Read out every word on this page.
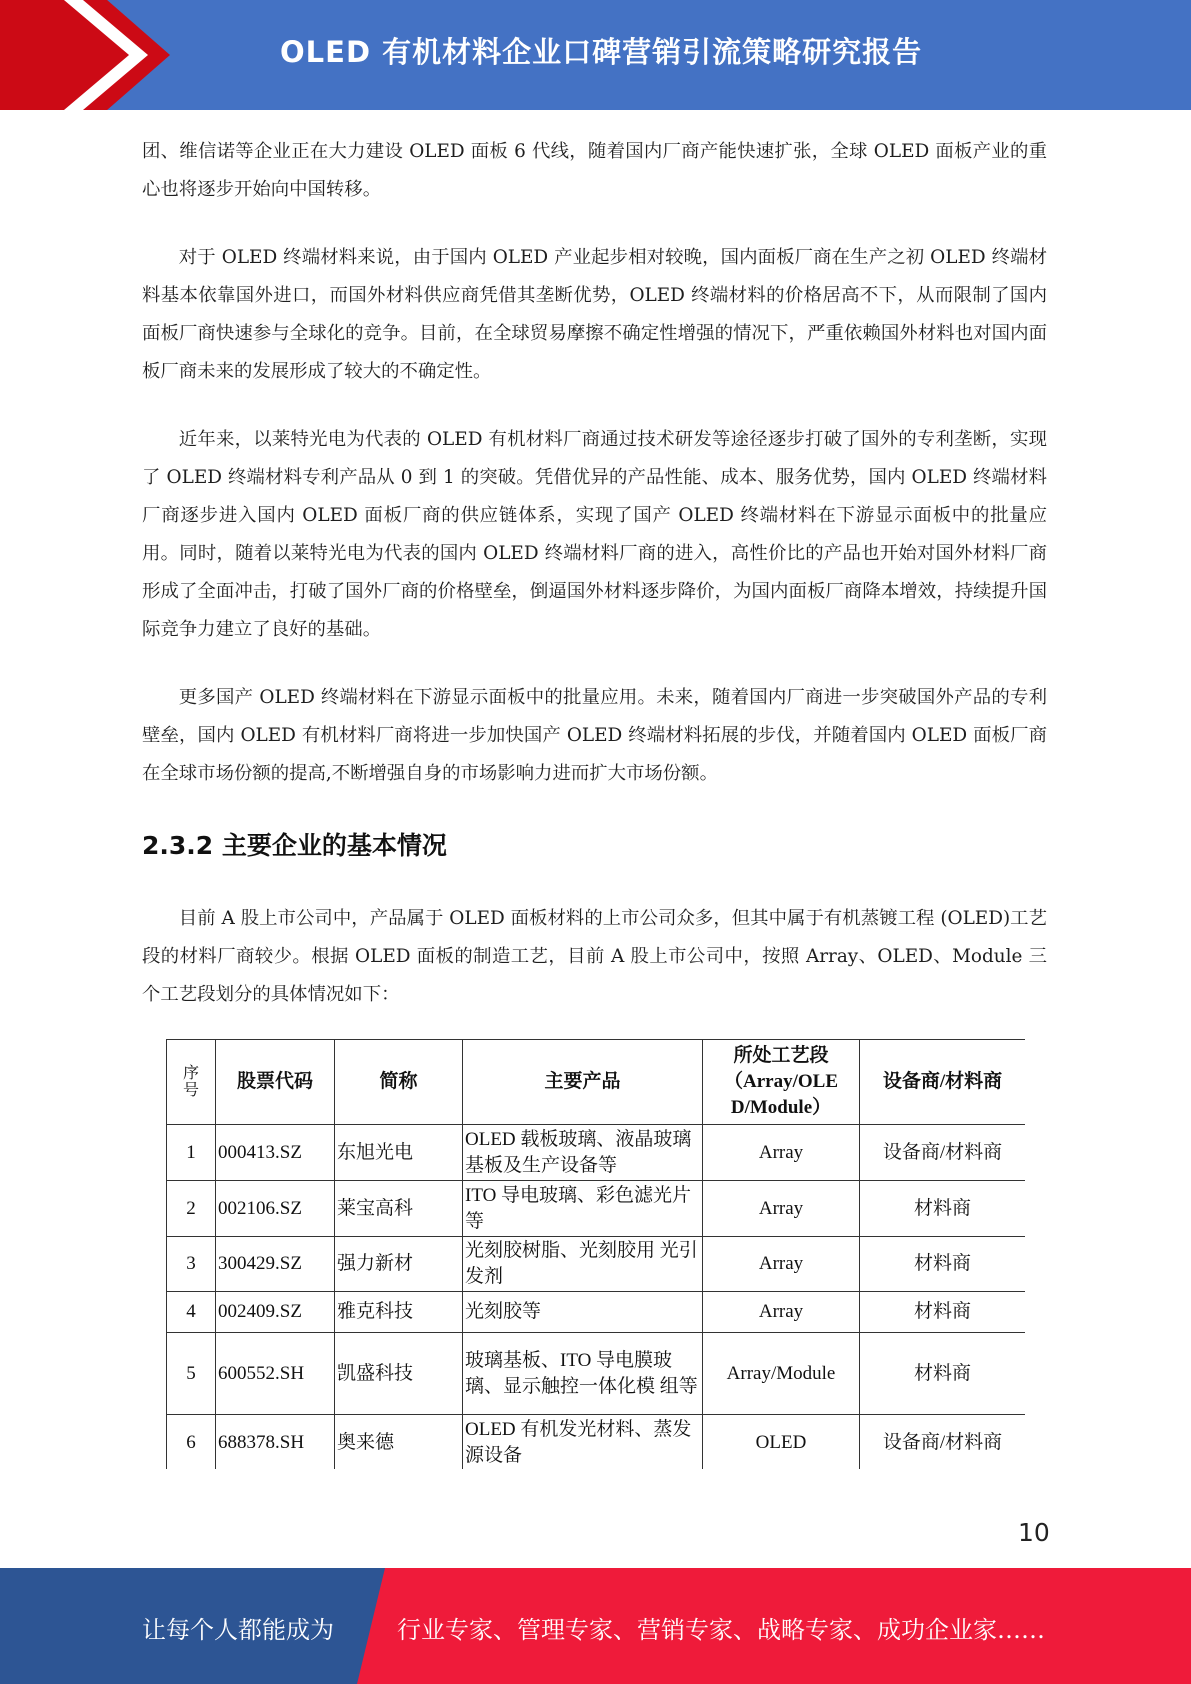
OLED 有机材料企业口碑营销引流策略研究报告

团、维信诺等企业正在大力建设 OLED 面板 6 代线，随着国内厂商产能快速扩张，全球 OLED 面板产业的重心也将逐步开始向中国转移。

对于 OLED 终端材料来说，由于国内 OLED 产业起步相对较晚，国内面板厂商在生产之初 OLED 终端材料基本依靠国外进口，而国外材料供应商凭借其垄断优势，OLED 终端材料的价格居高不下，从而限制了国内面板厂商快速参与全球化的竞争。目前，在全球贸易摩擦不确定性增强的情况下，严重依赖国外材料也对国内面板厂商未来的发展形成了较大的不确定性。

近年来，以莱特光电为代表的 OLED 有机材料厂商通过技术研发等途径逐步打破了国外的专利垄断，实现了 OLED 终端材料专利产品从 0 到 1 的突破。凭借优异的产品性能、成本、服务优势，国内 OLED 终端材料厂商逐步进入国内 OLED 面板厂商的供应链体系，实现了国产 OLED 终端材料在下游显示面板中的批量应用。同时，随着以莱特光电为代表的国内 OLED 终端材料厂商的进入，高性价比的产品也开始对国外材料厂商形成了全面冲击，打破了国外厂商的价格壁垒，倒逼国外材料逐步降价，为国内面板厂商降本增效，持续提升国际竞争力建立了良好的基础。

更多国产 OLED 终端材料在下游显示面板中的批量应用。未来，随着国内厂商进一步突破国外产品的专利壁垒，国内 OLED 有机材料厂商将进一步加快国产 OLED 终端材料拓展的步伐，并随着国内 OLED 面板厂商在全球市场份额的提高,不断增强自身的市场影响力进而扩大市场份额。

2.3.2 主要企业的基本情况

目前 A 股上市公司中，产品属于 OLED 面板材料的上市公司众多，但其中属于有机蒸镀工程 (OLED)工艺段的材料厂商较少。根据 OLED 面板的制造工艺，目前 A 股上市公司中，按照 Array、OLED、Module 三个工艺段划分的具体情况如下：

序号	股票代码	简称	主要产品	所处工艺段（Array/OLED/Module）	设备商/材料商
1	000413.SZ	东旭光电	OLED 载板玻璃、液晶玻璃基板及生产设备等	Array	设备商/材料商
2	002106.SZ	莱宝高科	ITO 导电玻璃、彩色滤光片等	Array	材料商
3	300429.SZ	强力新材	光刻胶树脂、光刻胶用 光引发剂	Array	材料商
4	002409.SZ	雅克科技	光刻胶等	Array	材料商
5	600552.SH	凯盛科技	玻璃基板、ITO 导电膜玻璃、显示触控一体化模 组等	Array/Module	材料商
6	688378.SH	奥来德	OLED 有机发光材料、蒸发源设备	OLED	设备商/材料商
10
让每个人都能成为	行业专家、管理专家、营销专家、战略专家、成功企业家……
